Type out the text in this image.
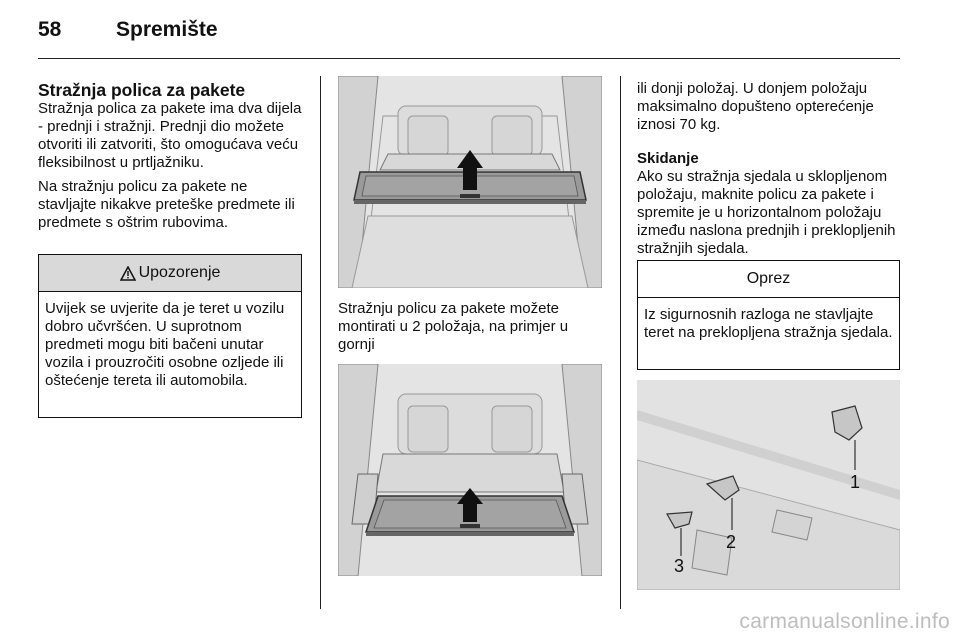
58	Spremište
Stražnja polica za pakete

Stražnja polica za pakete ima dva dijela - prednji i stražnji. Prednji dio možete otvoriti ili zatvoriti, što omogućava veću fleksibilnost u prtljažniku.

Na stražnju policu za pakete ne stavljajte nikakve preteške predmete ili predmete s oštrim rubovima.

Upozorenje
Uvijek se uvjerite da je teret u vozilu dobro učvršćen. U suprotnom predmeti mogu biti bačeni unutar vozila i prouzročiti osobne ozljede ili oštećenje tereta ili automobila.

Stražnju policu za pakete možete montirati u 2 položaja, na primjer u gornji

ili donji položaj. U donjem položaju maksimalno dopušteno opterećenje iznosi 70 kg.

Skidanje

Ako su stražnja sjedala u sklopljenom položaju, maknite policu za pakete i spremite je u horizontalnom položaju između naslona prednjih i preklopljenih stražnjih sjedala.

Oprez
Iz sigurnosnih razloga ne stavljajte teret na preklopljena stražnja sjedala.
1
2
3
carmanualsonline.info
